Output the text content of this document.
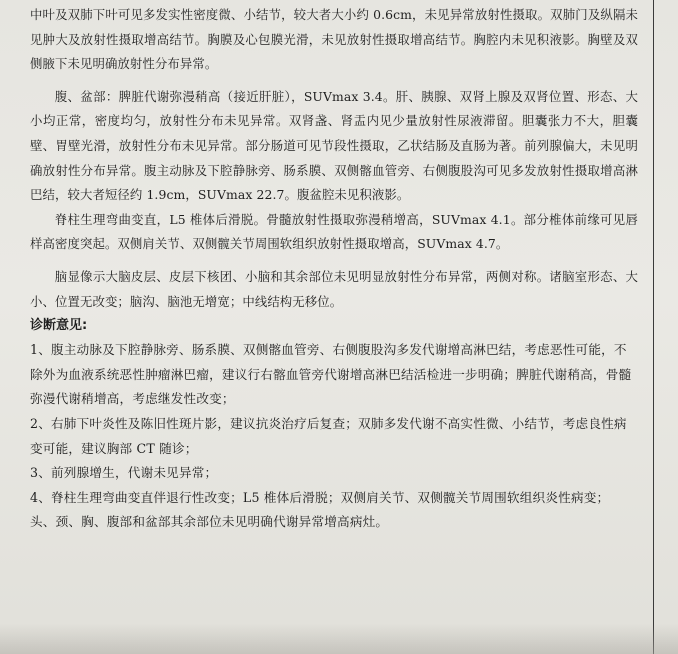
中叶及双肺下叶可见多发实性密度微、小结节，较大者大小约 0.6cm，未见异常放射性摄取。双肺门及纵隔未见肿大及放射性摄取增高结节。胸膜及心包膜光滑，未见放射性摄取增高结节。胸腔内未见积液影。胸壁及双侧腋下未见明确放射性分布异常。

腹、盆部：脾脏代谢弥漫稍高（接近肝脏），SUVmax 3.4。肝、胰腺、双肾上腺及双肾位置、形态、大小均正常，密度均匀，放射性分布未见异常。双肾盏、肾盂内见少量放射性尿液滞留。胆囊张力不大，胆囊壁、胃壁光滑，放射性分布未见异常。部分肠道可见节段性摄取，乙状结肠及直肠为著。前列腺偏大，未见明确放射性分布异常。腹主动脉及下腔静脉旁、肠系膜、双侧髂血管旁、右侧腹股沟可见多发放射性摄取增高淋巴结，较大者短径约 1.9cm，SUVmax 22.7。腹盆腔未见积液影。

脊柱生理弯曲变直，L5 椎体后滑脱。骨髓放射性摄取弥漫稍增高，SUVmax 4.1。部分椎体前缘可见唇样高密度突起。双侧肩关节、双侧髋关节周围软组织放射性摄取增高，SUVmax 4.7。

脑显像示大脑皮层、皮层下核团、小脑和其余部位未见明显放射性分布异常，两侧对称。诸脑室形态、大小、位置无改变；脑沟、脑池无增宽；中线结构无移位。

诊断意见:

1、腹主动脉及下腔静脉旁、肠系膜、双侧髂血管旁、右侧腹股沟多发代谢增高淋巴结，考虑恶性可能，不除外为血液系统恶性肿瘤淋巴瘤，建议行右髂血管旁代谢增高淋巴结活检进一步明确；脾脏代谢稍高，骨髓弥漫代谢稍增高，考虑继发性改变；

2、右肺下叶炎性及陈旧性斑片影，建议抗炎治疗后复查；双肺多发代谢不高实性微、小结节，考虑良性病变可能，建议胸部 CT 随诊；

3、前列腺增生，代谢未见异常；

4、脊柱生理弯曲变直伴退行性改变；L5 椎体后滑脱；双侧肩关节、双侧髋关节周围软组织炎性病变；

头、颈、胸、腹部和盆部其余部位未见明确代谢异常增高病灶。
